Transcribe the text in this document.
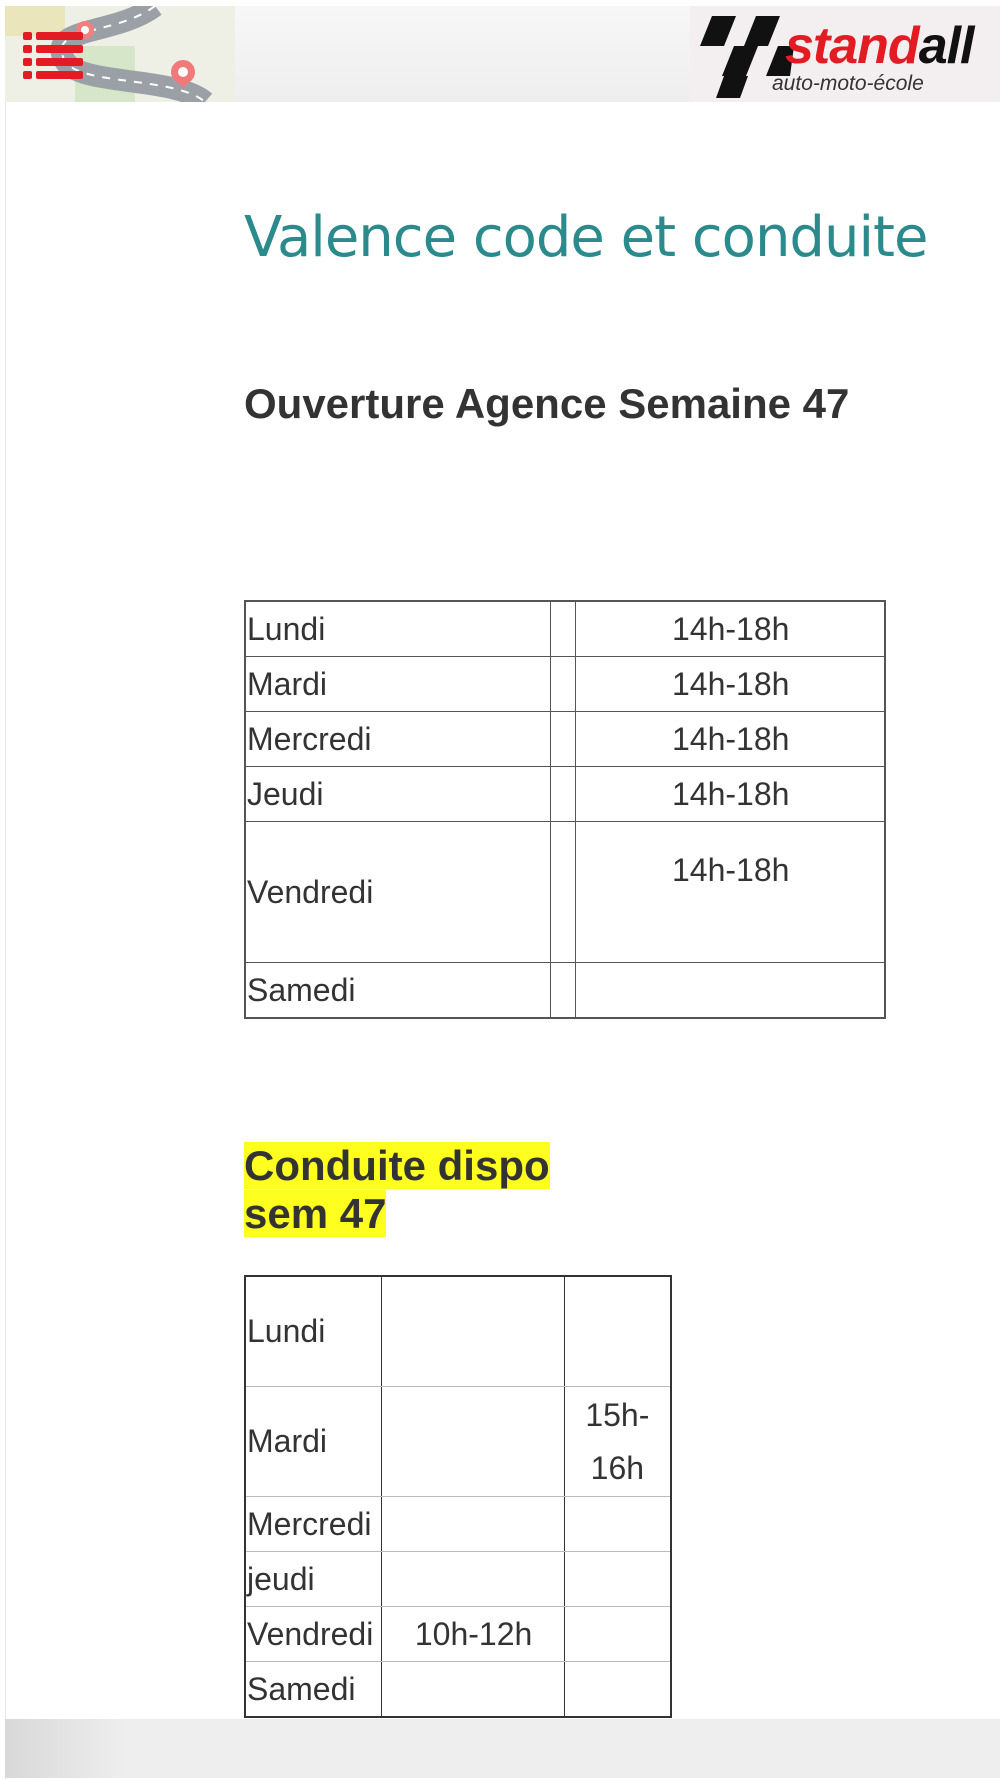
standall
auto-moto-école
Valence code et conduite
Ouverture Agence Semaine 47
Lundi		14h-18h
Mardi		14h-18h
Mercredi		14h-18h
Jeudi		14h-18h
Vendredi		14h-18h
Samedi		
Conduite dispo
sem 47
Lundi		
Mardi		15h-16h
Mercredi		
jeudi		
Vendredi	10h-12h	
Samedi		
